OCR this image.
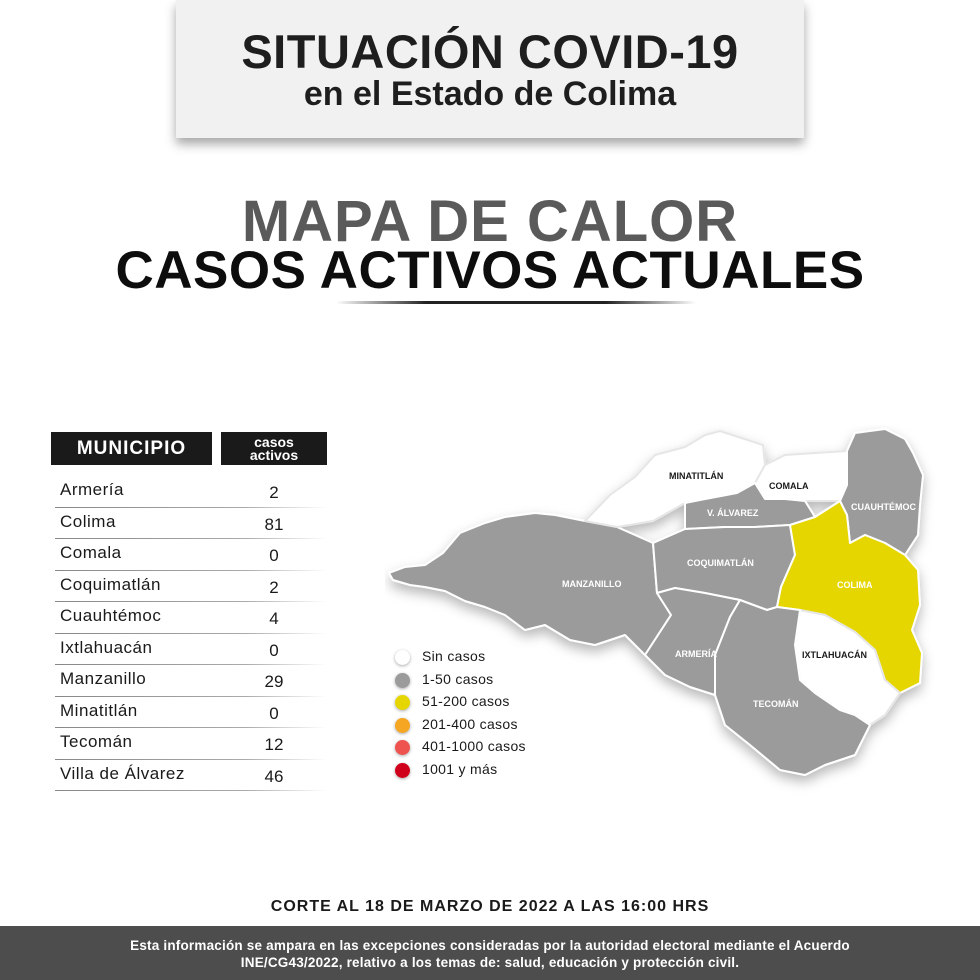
SITUACIÓN COVID-19
en el Estado de Colima
MAPA DE CALOR
CASOS ACTIVOS ACTUALES
MUNICIPIO	casos
activos
Armería	2
Colima	81
Comala	0
Coquimatlán	2
Cuauhtémoc	4
Ixtlahuacán	0
Manzanillo	29
Minatitlán	0
Tecomán	12
Villa de Álvarez	46
MINATITLÁN
COMALA
CUAUHTÉMOC
V. ÁLVAREZ
COQUIMATLÁN
MANZANILLO	COLIMA
ARMERÍA	IXTLAHUACÁN
TECOMÁN
Sin casos
1-50 casos
51-200 casos
201-400 casos
401-1000 casos
1001 y más
CORTE AL 18 DE MARZO DE 2022 A LAS 16:00 HRS
Esta información se ampara en las excepciones consideradas por la autoridad electoral mediante el Acuerdo
INE/CG43/2022, relativo a los temas de: salud, educación y protección civil.
